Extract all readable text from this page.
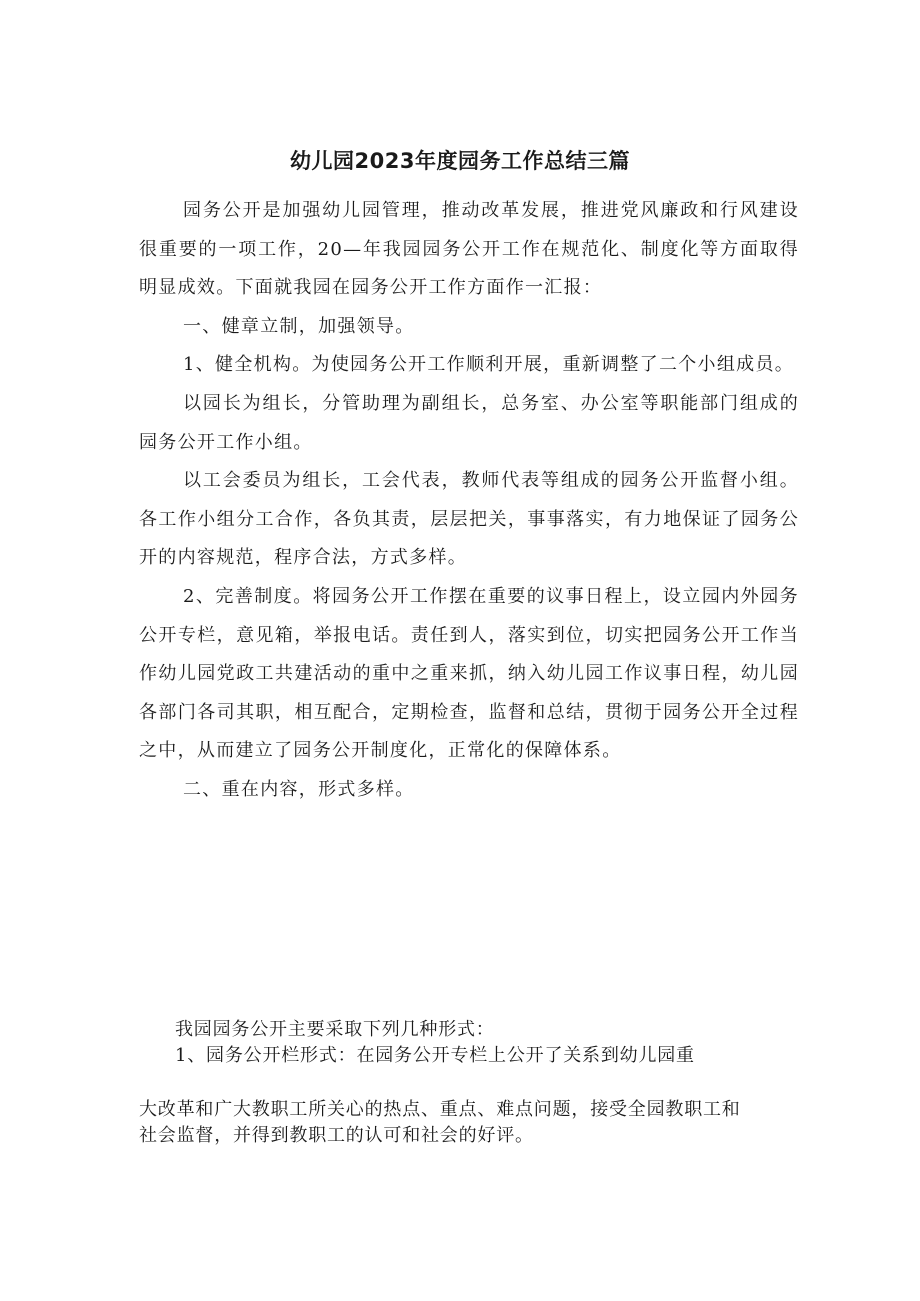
幼儿园2023年度园务工作总结三篇

园务公开是加强幼儿园管理，推动改革发展，推进党风廉政和行风建设很重要的一项工作，20—年我园园务公开工作在规范化、制度化等方面取得明显成效。下面就我园在园务公开工作方面作一汇报：

一、健章立制，加强领导。

1、健全机构。为使园务公开工作顺利开展，重新调整了二个小组成员。

以园长为组长，分管助理为副组长，总务室、办公室等职能部门组成的园务公开工作小组。

以工会委员为组长，工会代表，教师代表等组成的园务公开监督小组。各工作小组分工合作，各负其责，层层把关，事事落实，有力地保证了园务公开的内容规范，程序合法，方式多样。

2、完善制度。将园务公开工作摆在重要的议事日程上，设立园内外园务公开专栏，意见箱，举报电话。责任到人，落实到位，切实把园务公开工作当作幼儿园党政工共建活动的重中之重来抓，纳入幼儿园工作议事日程，幼儿园各部门各司其职，相互配合，定期检查，监督和总结，贯彻于园务公开全过程之中，从而建立了园务公开制度化，正常化的保障体系。

二、重在内容，形式多样。

我园园务公开主要采取下列几种形式：

1、园务公开栏形式：在园务公开专栏上公开了关系到幼儿园重

大改革和广大教职工所关心的热点、重点、难点问题，接受全园教职工和

社会监督，并得到教职工的认可和社会的好评。
